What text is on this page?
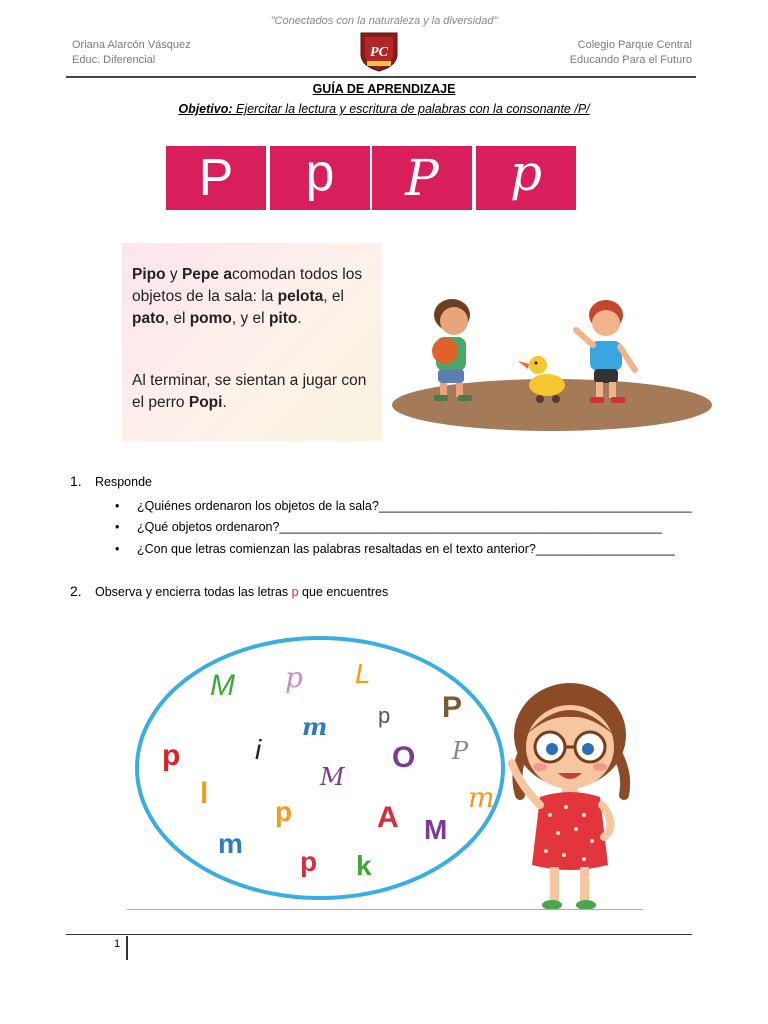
"Conectados con la naturaleza y la diversidad"
Oriana Alarcón Vásquez
Educ. Diferencial	PC	Colegio Parque Central
Educando Para el Futuro
GUÍA DE APRENDIZAJE
Objetivo: Ejercitar la lectura y escritura de palabras con la consonante /P/
P p P p

Pipo y Pepe acomodan todos los objetos de la sala: la pelota, el pato, el pomo, y el pito.

Al terminar, se sientan a jugar con el perro Popi.

1. Responde
• ¿Quiénes ordenaron los objetos de la sala?_____________________________________________
• ¿Qué objetos ordenaron?_______________________________________________________
• ¿Con que letras comienzan las palabras resaltadas en el texto anterior?____________________
2. Observa y encierra todas las letras p que encuentres
M p L
m p P
p	i	O P
M
l
p	A
m
M
m
p k
1
